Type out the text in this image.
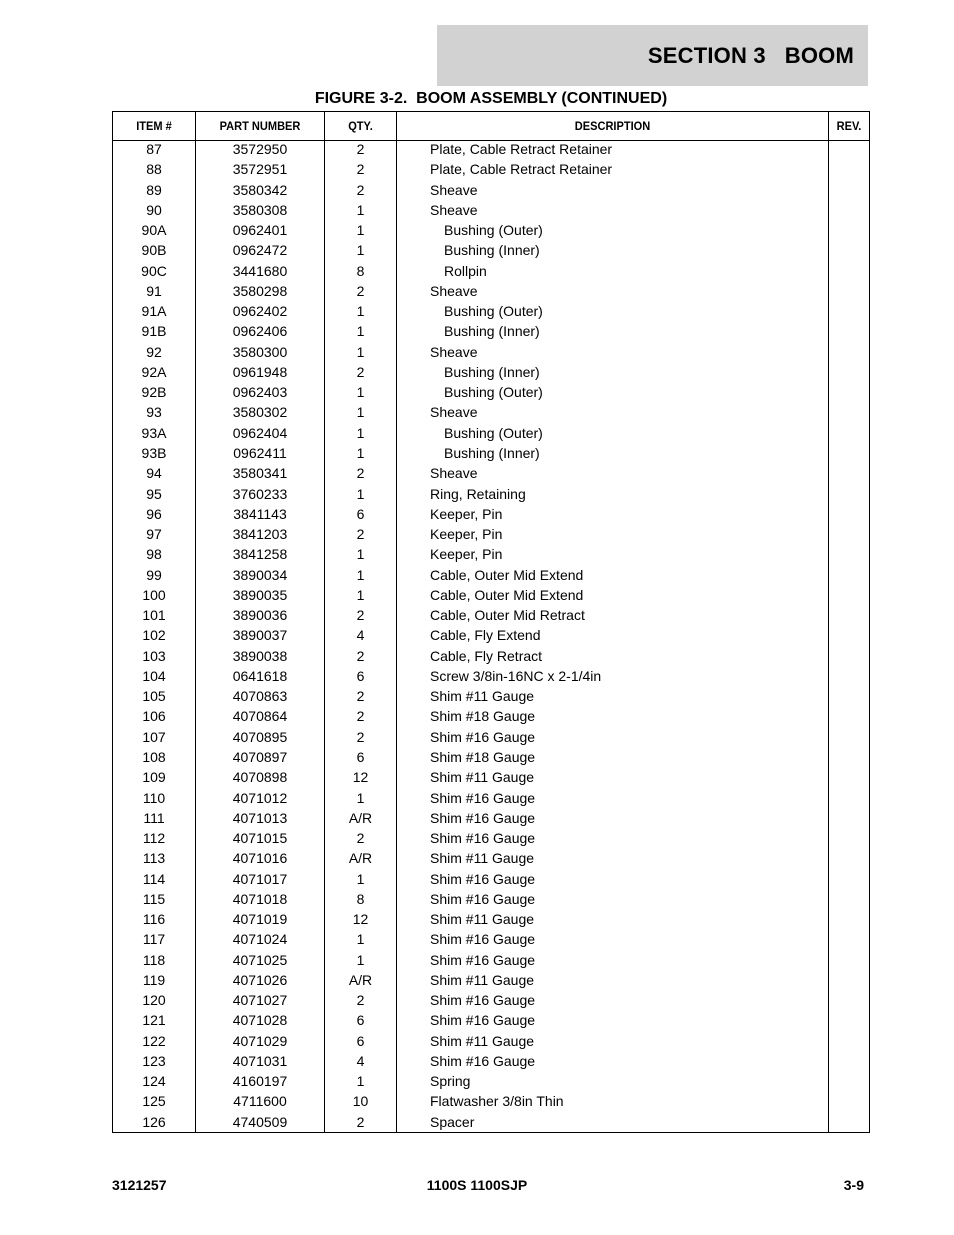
SECTION 3   BOOM
FIGURE 3-2.  BOOM ASSEMBLY (CONTINUED)
ITEM #	PART NUMBER	QTY.	DESCRIPTION	REV.
87	3572950	2	Plate, Cable Retract Retainer
88	3572951	2	Plate, Cable Retract Retainer
89	3580342	2	Sheave
90	3580308	1	Sheave
90A	0962401	1	Bushing (Outer)
90B	0962472	1	Bushing (Inner)
90C	3441680	8	Rollpin
91	3580298	2	Sheave
91A	0962402	1	Bushing (Outer)
91B	0962406	1	Bushing (Inner)
92	3580300	1	Sheave
92A	0961948	2	Bushing (Inner)
92B	0962403	1	Bushing (Outer)
93	3580302	1	Sheave
93A	0962404	1	Bushing (Outer)
93B	0962411	1	Bushing (Inner)
94	3580341	2	Sheave
95	3760233	1	Ring, Retaining
96	3841143	6	Keeper, Pin
97	3841203	2	Keeper, Pin
98	3841258	1	Keeper, Pin
99	3890034	1	Cable, Outer Mid Extend
100	3890035	1	Cable, Outer Mid Extend
101	3890036	2	Cable, Outer Mid Retract
102	3890037	4	Cable, Fly Extend
103	3890038	2	Cable, Fly Retract
104	0641618	6	Screw 3/8in-16NC x 2-1/4in
105	4070863	2	Shim #11 Gauge
106	4070864	2	Shim #18 Gauge
107	4070895	2	Shim #16 Gauge
108	4070897	6	Shim #18 Gauge
109	4070898	12	Shim #11 Gauge
110	4071012	1	Shim #16 Gauge
111	4071013	A/R	Shim #16 Gauge
112	4071015	2	Shim #16 Gauge
113	4071016	A/R	Shim #11 Gauge
114	4071017	1	Shim #16 Gauge
115	4071018	8	Shim #16 Gauge
116	4071019	12	Shim #11 Gauge
117	4071024	1	Shim #16 Gauge
118	4071025	1	Shim #16 Gauge
119	4071026	A/R	Shim #11 Gauge
120	4071027	2	Shim #16 Gauge
121	4071028	6	Shim #16 Gauge
122	4071029	6	Shim #11 Gauge
123	4071031	4	Shim #16 Gauge
124	4160197	1	Spring
125	4711600	10	Flatwasher 3/8in Thin
126	4740509	2	Spacer
3121257	1100S 1100SJP	3-9
